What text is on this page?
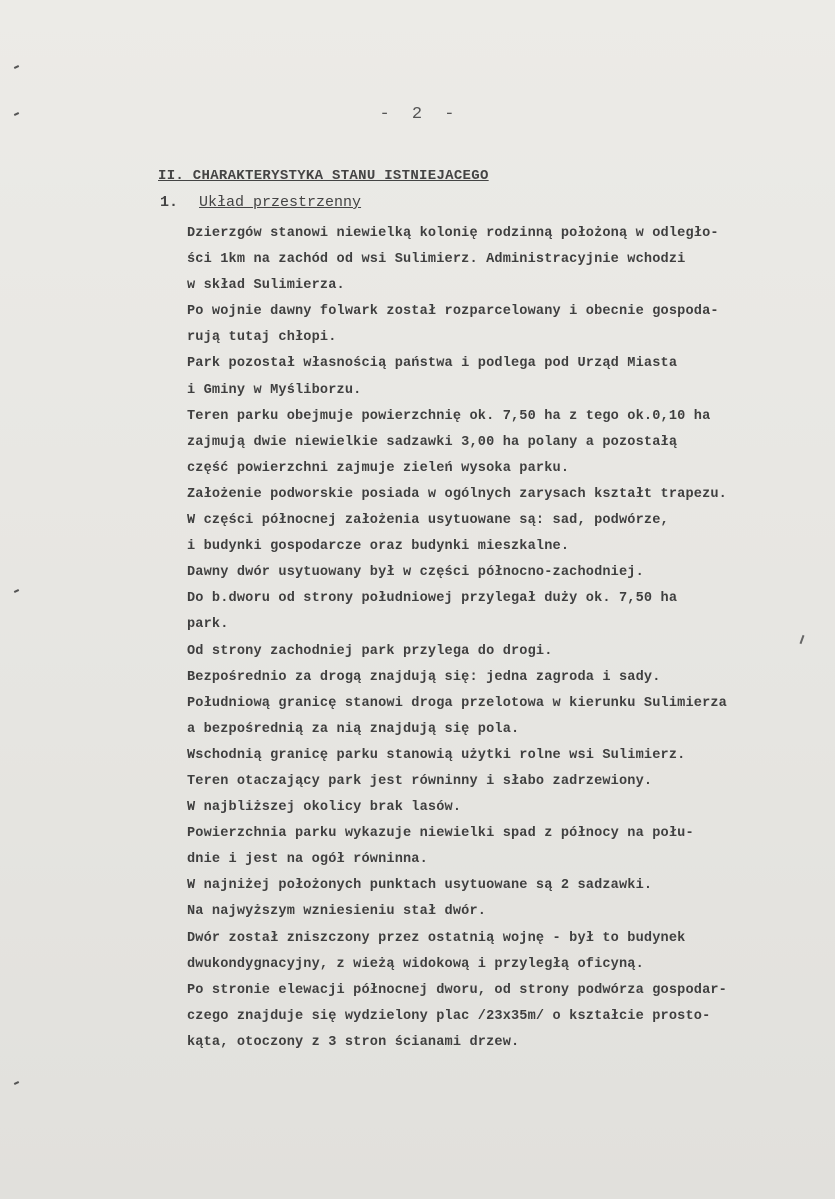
- 2 -
II. CHARAKTERYSTYKA STANU ISTNIEJACEGO
1. Układ przestrzenny
Dzierzgów stanowi niewielką kolonię rodzinną położoną w odległo-
ści 1km na zachód od wsi Sulimierz. Administracyjnie wchodzi
w skład Sulimierza.
Po wojnie dawny folwark został rozparcelowany i obecnie gospoda-
rują tutaj chłopi.
Park pozostał własnością państwa i podlega pod Urząd Miasta
i Gminy w Myśliborzu.
Teren parku obejmuje powierzchnię ok. 7,50 ha z tego ok.0,10 ha
zajmują dwie niewielkie sadzawki 3,00 ha polany a pozostałą
część powierzchni zajmuje zieleń wysoka parku.
Założenie podworskie posiada w ogólnych zarysach kształt trapezu.
W części północnej założenia usytuowane są: sad, podwórze,
i budynki gospodarcze oraz budynki mieszkalne.
Dawny dwór usytuowany był w części północno-zachodniej.
Do b.dworu od strony południowej przylegał duży ok. 7,50 ha
park.
Od strony zachodniej park przylega do drogi.
Bezpośrednio za drogą znajdują się: jedna zagroda i sady.
Południową granicę stanowi droga przelotowa w kierunku Sulimierza
a bezpośrednią za nią znajdują się pola.
Wschodnią granicę parku stanowią użytki rolne wsi Sulimierz.
Teren otaczający park jest równinny i słabo zadrzewiony.
W najbliższej okolicy brak lasów.
Powierzchnia parku wykazuje niewielki spad z północy na połu-
dnie i jest na ogół równinna.
W najniżej położonych punktach usytuowane są 2 sadzawki.
Na najwyższym wzniesieniu stał dwór.
Dwór został zniszczony przez ostatnią wojnę - był to budynek
dwukondygnacyjny, z wieżą widokową i przyległą oficyną.
Po stronie elewacji północnej dworu, od strony podwórza gospodar-
czego znajduje się wydzielony plac /23x35m/ o kształcie prosto-
kąta, otoczony z 3 stron ścianami drzew.
